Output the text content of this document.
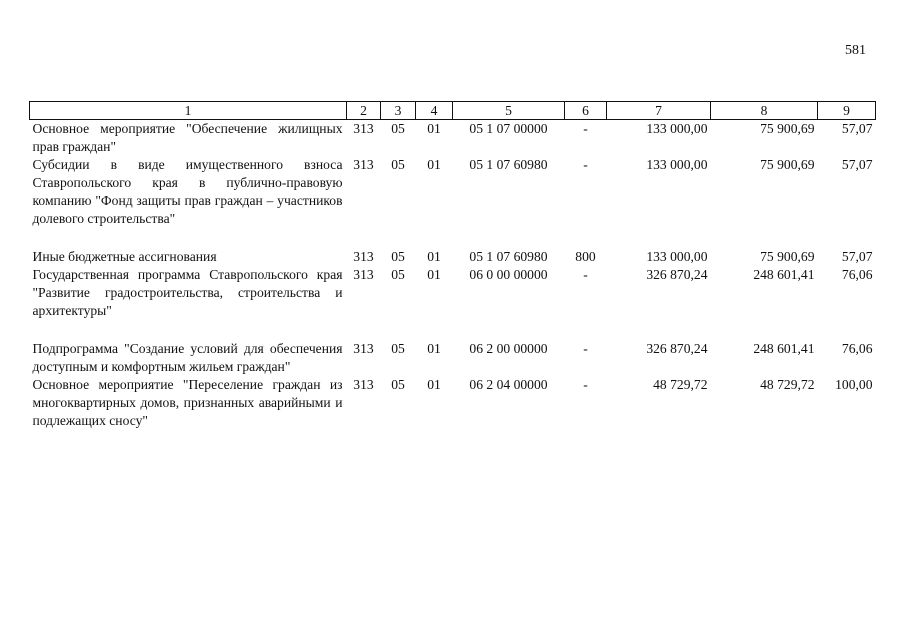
581
1	2	3	4	5	6	7	8	9
Основное мероприятие "Обеспечение жилищных прав граждан"	313	05	01	05 1 07 00000	-	133 000,00	75 900,69	57,07
Субсидии в виде имущественного взноса Ставропольского края в публично-правовую компанию "Фонд защиты прав граждан – участников долевого строительства"	313	05	01	05 1 07 60980	-	133 000,00	75 900,69	57,07
Иные бюджетные ассигнования	313	05	01	05 1 07 60980	800	133 000,00	75 900,69	57,07
Государственная программа Ставропольского края "Развитие градостроительства, строительства и архитектуры"	313	05	01	06 0 00 00000	-	326 870,24	248 601,41	76,06
Подпрограмма "Создание условий для обеспечения доступным и комфортным жильем граждан"	313	05	01	06 2 00 00000	-	326 870,24	248 601,41	76,06
Основное мероприятие "Переселение граждан из многоквартирных домов, признанных аварийными и подлежащих сносу"	313	05	01	06 2 04 00000	-	48 729,72	48 729,72	100,00
